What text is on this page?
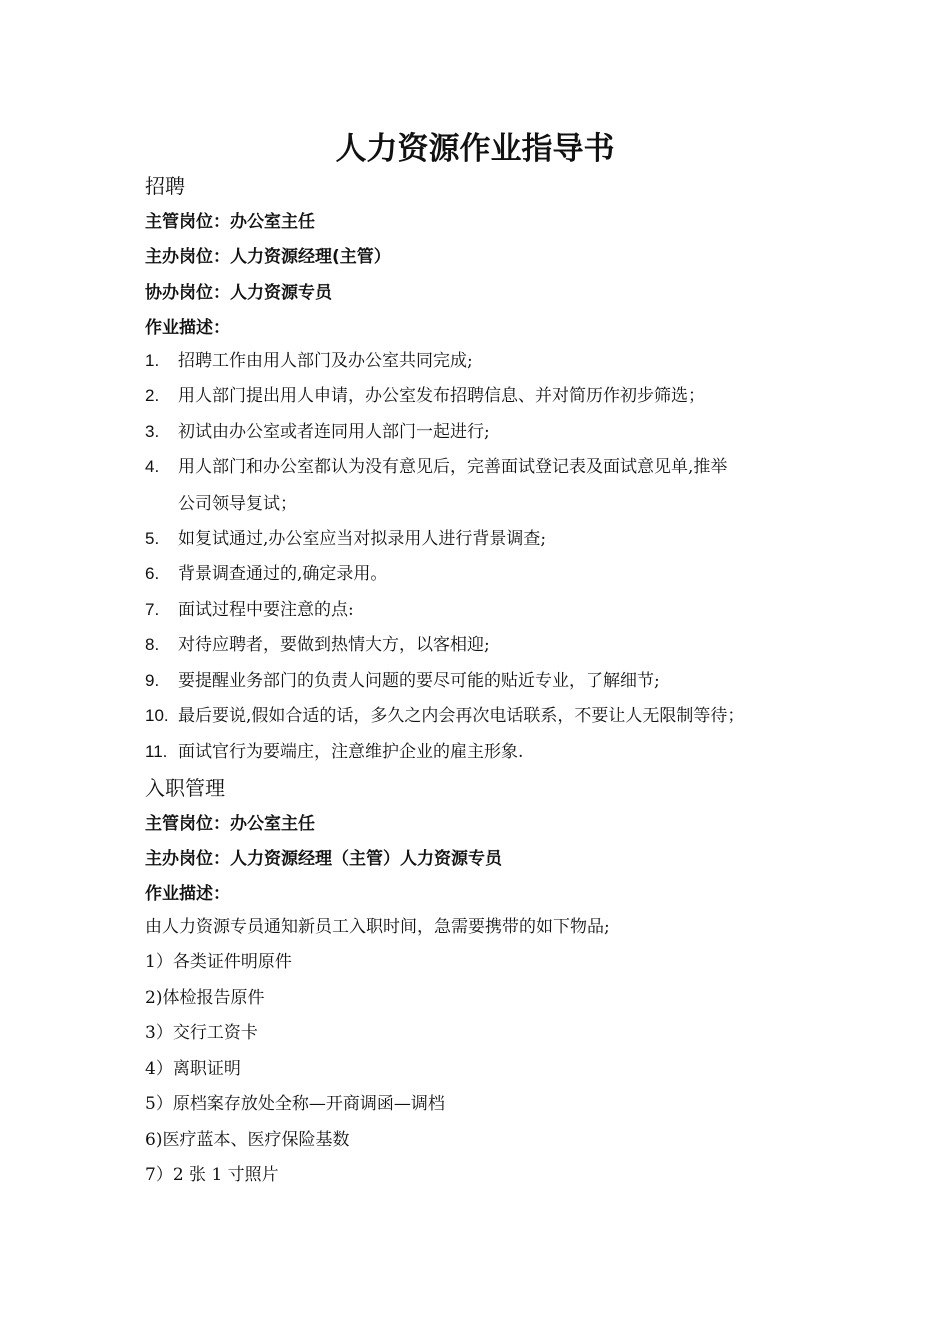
人力资源作业指导书
招聘
主管岗位：办公室主任
主办岗位：人力资源经理(主管）
协办岗位：人力资源专员
作业描述：
1. 招聘工作由用人部门及办公室共同完成;
2. 用人部门提出用人申请，办公室发布招聘信息、并对简历作初步筛选；
3. 初试由办公室或者连同用人部门一起进行;
4. 用人部门和办公室都认为没有意见后，完善面试登记表及面试意见单,推举
公司领导复试；
5. 如复试通过,办公室应当对拟录用人进行背景调查;
6. 背景调查通过的,确定录用。
7. 面试过程中要注意的点:
8. 对待应聘者，要做到热情大方，以客相迎;
9. 要提醒业务部门的负责人问题的要尽可能的贴近专业，了解细节;
10. 最后要说,假如合适的话，多久之内会再次电话联系，不要让人无限制等待；
11. 面试官行为要端庄，注意维护企业的雇主形象.
入职管理
主管岗位：办公室主任
主办岗位：人力资源经理（主管）人力资源专员
作业描述：
由人力资源专员通知新员工入职时间，急需要携带的如下物品;
1）各类证件明原件
2)体检报告原件
3）交行工资卡
4）离职证明
5）原档案存放处全称—开商调函—调档
6)医疗蓝本、医疗保险基数
7）2 张 1 寸照片
